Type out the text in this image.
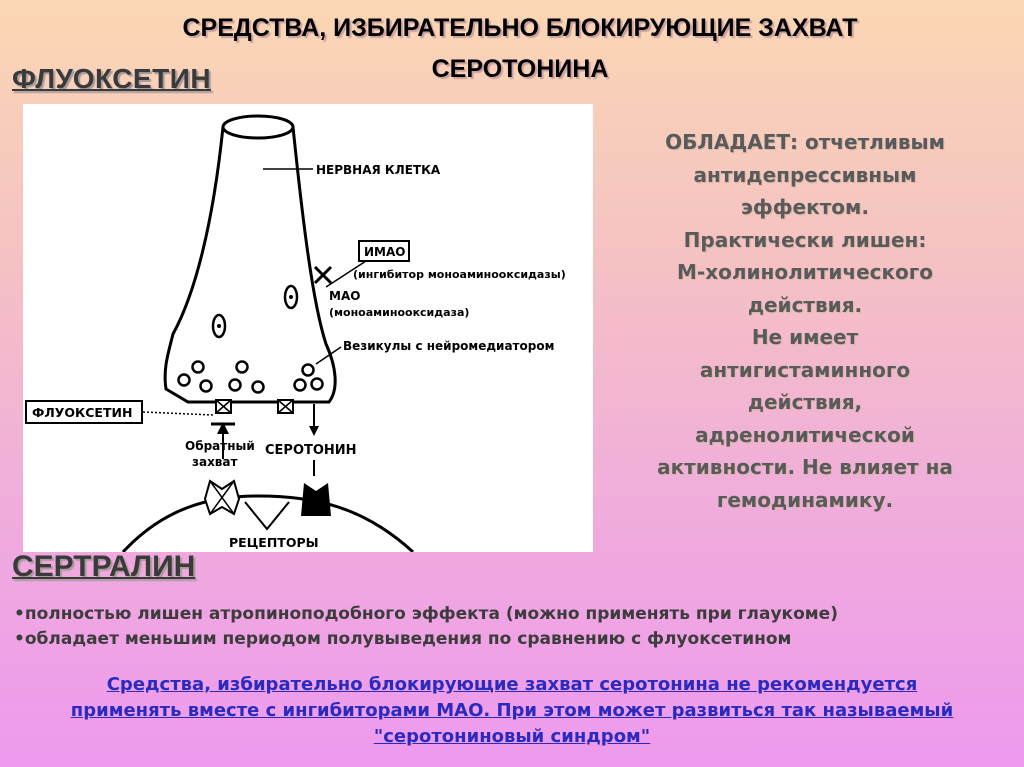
СРЕДСТВА, ИЗБИРАТЕЛЬНО БЛОКИРУЮЩИЕ ЗАХВАТ
СЕРОТОНИНА
ФЛУОКСЕТИН
НЕРВНАЯ КЛЕТКА
ИМАО
(ингибитор моноаминооксидазы)
МАО
(моноаминооксидаза)
Везикулы с нейромедиатором
ФЛУОКСЕТИН
Обратный
захват
СЕРОТОНИН
РЕЦЕПТОРЫ
ОБЛАДАЕТ: отчетливым
антидепрессивным
эффектом.
Практически лишен:
М-холинолитического
действия.
Не имеет
антигистаминного
действия,
адренолитической
активности. Не влияет на
гемодинамику.
СЕРТРАЛИН
•полностью лишен атропиноподобного эффекта (можно применять при глаукоме)
•обладает меньшим периодом полувыведения по сравнению с флуоксетином
Средства, избирательно блокирующие захват серотонина не рекомендуется
применять вместе с ингибиторами МАО. При этом может развиться так называемый
"серотониновый синдром"
